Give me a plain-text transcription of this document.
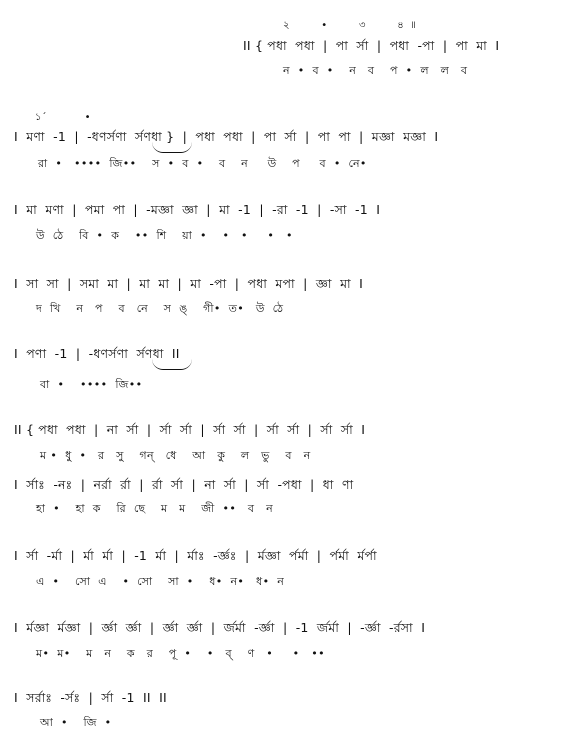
২          •          ৩          ৪  ॥
II { পধা  পধা  |  পা  র্সা  |  পধা  -পা  |  পা  মা  I
ন  •  ব  •    ন   ব    প  •  ল   ল   ব
১´            •
I  মণা  -1  |  -ধণর্সণা  র্সণধা }  |  পধা  পধা  |  পা  র্সা  |  পা  পা  |  মজ্ঞা  মজ্ঞা  I
রা  •   ••••  জি••    স  •  ব  •    ব    ন     উ    প     ব  •  নে•
I  মা  মণা  |  পমা  পা  |  -মজ্ঞা  জ্ঞা  |  মা  -1  |  -রা  -1  |  -সা  -1  I
উ  ঠে    বি  •  ক    ••  শি    য়া  •    •   •     •   •
I  সা  সা  |  সমা  মা  |  মা  মা  |  মা  -পা  |  পধা  মপা  |  জ্ঞা  মা  I
দ  খি    ন   প    ব   নে    স  ঙ্    গী•  ত•   উ  ঠে
I  পণা  -1  |  -ধণর্সণা  র্সণধা  II
বা  •    ••••  জি••
II { পধা  পধা  |  না  র্সা  |  র্সা  র্সা  |  র্সা  র্সা  |  র্সা  র্সা  |  র্সা  র্সা  I
ম •  ধু  •   র   সু    গন্   ধে    আ   কু    ল   ভু    ব   ন
I  র্সাঃ  -নঃ  |  নর্রা  র্রা  |  র্রা  র্সা  |  না  র্সা  |  র্সা  -পধা  |  ধা  ণা
হা  •    হা  ক    রি  ছে    ম   ম    জী  ••   ব   ন
I  র্সা  -র্মা  |  র্মা  র্মা  |  -1  র্মা  |  র্মাঃ  -র্জ্ঞঃ  |  র্মজ্ঞা  র্পর্মা  |  র্পর্মা  র্মর্পা
এ  •    সো  এ    •  সো    সা  •    ধ•  ন•   ধ•  ন
I  র্মজ্ঞা  র্মজ্ঞা  |  র্জ্ঞা  র্জ্ঞা  |  র্জ্ঞা  র্জ্ঞা  |  র্জর্মা  -র্জ্ঞা  |  -1  র্জর্মা  |  -র্জ্ঞা  -র্রসা  I
ম•  ম•    ম   ন    ক   র    পূ  •    •   ব্    ণ   •     •   ••
I  সর্রাঃ  -র্সঃ  |  র্সা  -1  II  II
আ  •    জি  •
